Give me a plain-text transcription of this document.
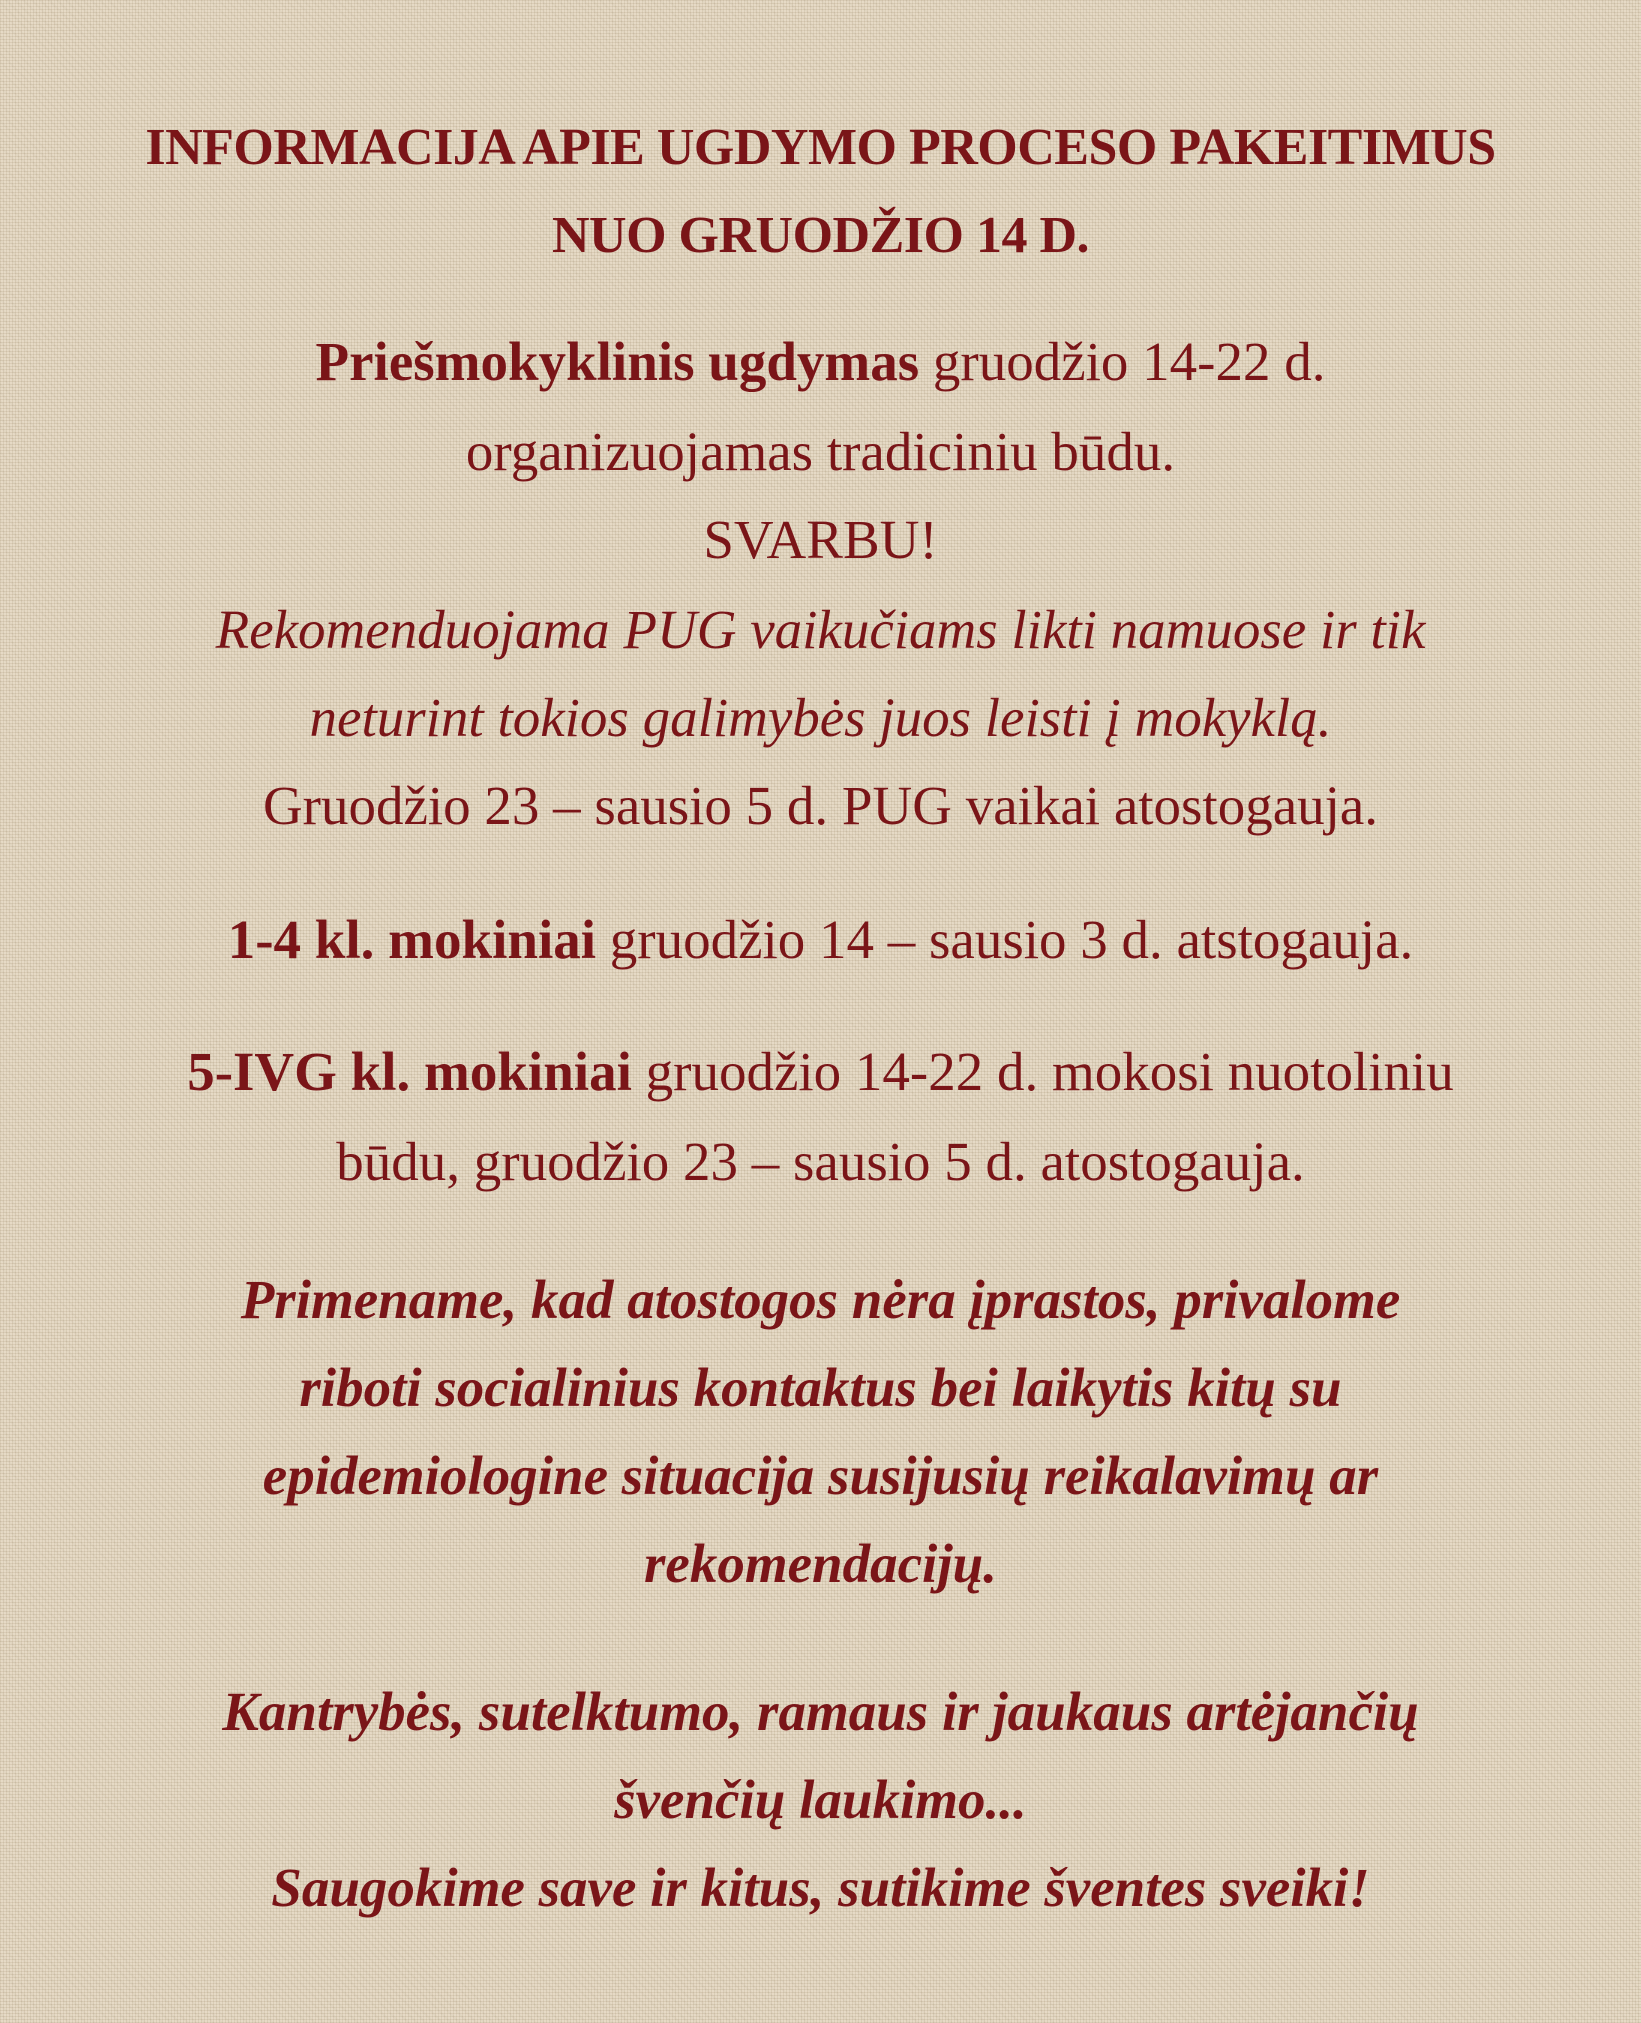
INFORMACIJA APIE UGDYMO PROCESO PAKEITIMUS
NUO GRUODŽIO 14 D.
Priešmokyklinis ugdymas gruodžio 14-22 d.
organizuojamas tradiciniu būdu.
SVARBU!
Rekomenduojama PUG vaikučiams likti namuose ir tik
neturint tokios galimybės juos leisti į mokyklą.
Gruodžio 23 – sausio 5 d. PUG vaikai atostogauja.
1-4 kl. mokiniai gruodžio 14 – sausio 3 d. atstogauja.
5-IVG kl. mokiniai gruodžio 14-22 d. mokosi nuotoliniu
būdu, gruodžio 23 – sausio 5 d. atostogauja.
Primename, kad atostogos nėra įprastos, privalome
riboti socialinius kontaktus bei laikytis kitų su
epidemiologine situacija susijusių reikalavimų ar
rekomendacijų.
Kantrybės, sutelktumo, ramaus ir jaukaus artėjančių
švenčių laukimo...
Saugokime save ir kitus, sutikime šventes sveiki!
